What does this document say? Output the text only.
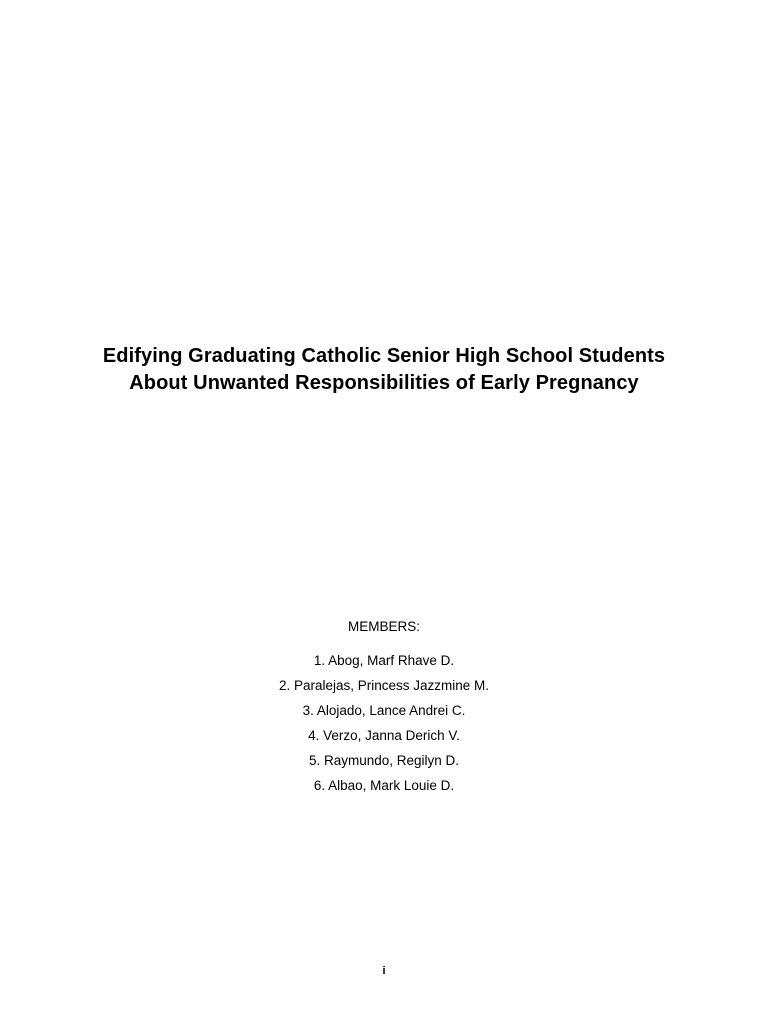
Edifying Graduating Catholic Senior High School Students
About Unwanted Responsibilities of Early Pregnancy
MEMBERS:
1. Abog, Marf Rhave D.
2. Paralejas, Princess Jazzmine M.
3. Alojado, Lance Andrei C.
4. Verzo, Janna Derich V.
5. Raymundo, Regilyn D.
6. Albao, Mark Louie D.
i
